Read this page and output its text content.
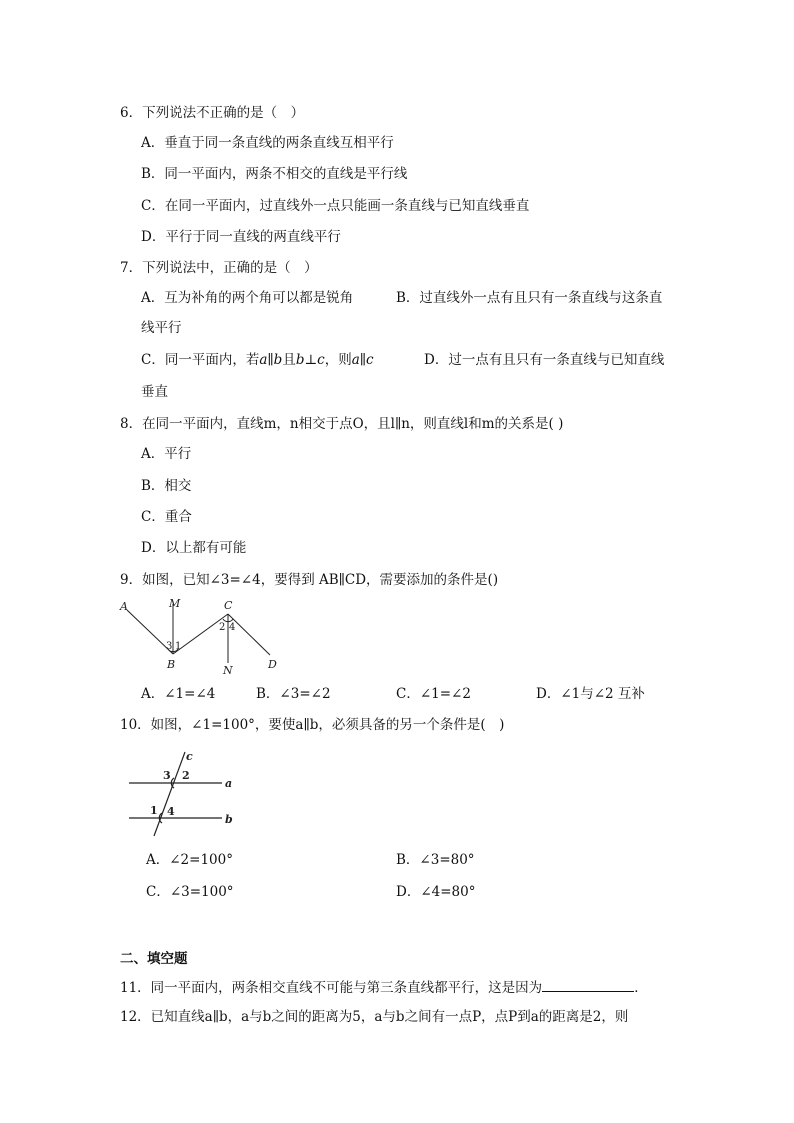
6．下列说法不正确的是（　）
A．垂直于同一条直线的两条直线互相平行
B．同一平面内，两条不相交的直线是平行线
C．在同一平面内，过直线外一点只能画一条直线与已知直线垂直
D．平行于同一直线的两直线平行
7．下列说法中，正确的是（　）
A．互为补角的两个角可以都是锐角	B．过直线外一点有且只有一条直线与这条直
线平行
C．同一平面内，若a∥b且b⊥c，则a∥c	D．过一点有且只有一条直线与已知直线
垂直
8．在同一平面内，直线m，n相交于点O，且l∥n，则直线l和m的关系是( )
A．平行
B．相交
C．重合
D．以上都有可能
9．如图，已知∠3=∠4，要得到 AB∥CD，需要添加的条件是()
A	M	C
B	N	D
3 1
2 4
A．∠1=∠4	B．∠3=∠2	C．∠1=∠2	D．∠1与∠2 互补
10．如图，∠1=100°，要使a∥b，必须具备的另一个条件是(　)
c
a
b
3 2
1 4
A．∠2=100°	B．∠3=80°
C．∠3=100°	D．∠4=80°
二、填空题
11．同一平面内，两条相交直线不可能与第三条直线都平行，这是因为	．
12．已知直线a∥b，a与b之间的距离为5，a与b之间有一点P，点P到a的距离是2，则
